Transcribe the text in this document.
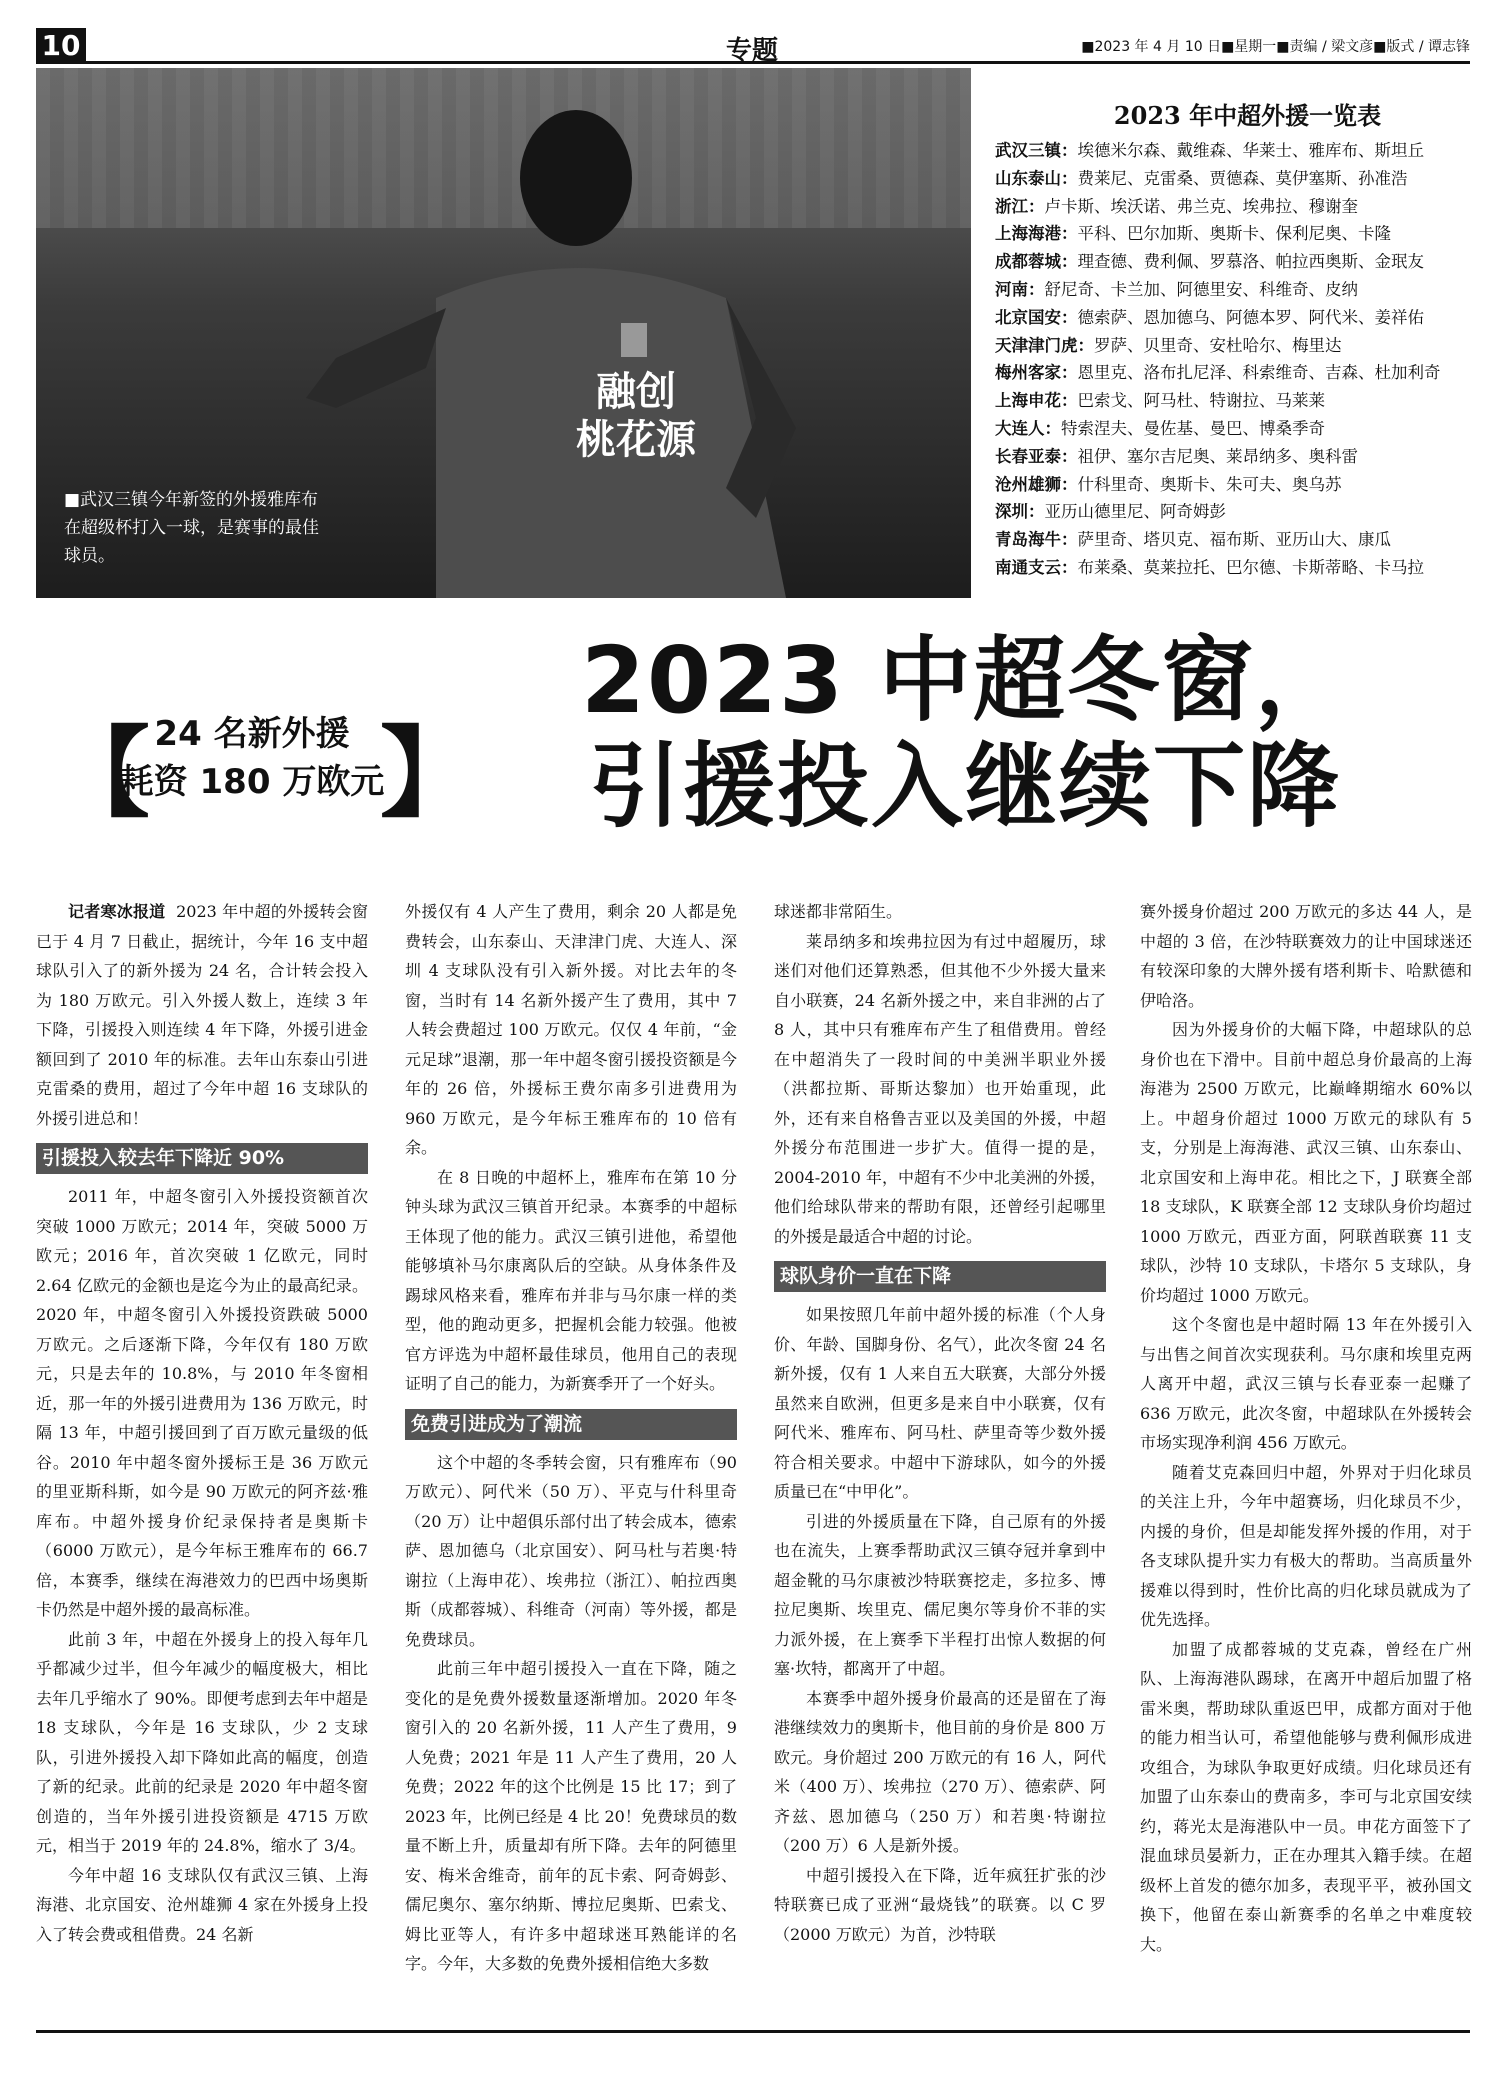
10	专题	■2023 年 4 月 10 日■星期一■责编 / 梁文彦■版式 / 谭志锋
融创
桃花源
■武汉三镇今年新签的外援雅库布在超级杯打入一球，是赛事的最佳球员。
2023 年中超外援一览表
武汉三镇：埃德米尔森、戴维森、华莱士、雅库布、斯坦丘
山东泰山：费莱尼、克雷桑、贾德森、莫伊塞斯、孙准浩
浙江：卢卡斯、埃沃诺、弗兰克、埃弗拉、穆谢奎
上海海港：平科、巴尔加斯、奥斯卡、保利尼奥、卡隆
成都蓉城：理查德、费利佩、罗慕洛、帕拉西奥斯、金珉友
河南：舒尼奇、卡兰加、阿德里安、科维奇、皮纳
北京国安：德索萨、恩加德乌、阿德本罗、阿代米、姜祥佑
天津津门虎：罗萨、贝里奇、安杜哈尔、梅里达
梅州客家：恩里克、洛布扎尼泽、科索维奇、吉森、杜加利奇
上海申花：巴索戈、阿马杜、特谢拉、马莱莱
大连人：特索涅夫、曼佐基、曼巴、博桑季奇
长春亚泰：祖伊、塞尔吉尼奥、莱昂纳多、奥科雷
沧州雄狮：什科里奇、奥斯卡、朱可夫、奥乌苏
深圳：亚历山德里尼、阿奇姆彭
青岛海牛：萨里奇、塔贝克、福布斯、亚历山大、康瓜
南通支云：布莱桑、莫莱拉托、巴尔德、卡斯蒂略、卡马拉
【 24 名新外援
耗资 180 万欧元
】
2023 中超冬窗，
引援投入继续下降

记者寒冰报道 2023 年中超的外援转会窗已于 4 月 7 日截止，据统计，今年 16 支中超球队引入了的新外援为 24 名，合计转会投入为 180 万欧元。引入外援人数上，连续 3 年下降，引援投入则连续 4 年下降，外援引进金额回到了 2010 年的标准。去年山东泰山引进克雷桑的费用，超过了今年中超 16 支球队的外援引进总和！

引援投入较去年下降近 90%

2011 年，中超冬窗引入外援投资额首次突破 1000 万欧元；2014 年，突破 5000 万欧元；2016 年，首次突破 1 亿欧元，同时 2.64 亿欧元的金额也是迄今为止的最高纪录。2020 年，中超冬窗引入外援投资跌破 5000 万欧元。之后逐渐下降，今年仅有 180 万欧元，只是去年的 10.8%，与 2010 年冬窗相近，那一年的外援引进费用为 136 万欧元，时隔 13 年，中超引援回到了百万欧元量级的低谷。2010 年中超冬窗外援标王是 36 万欧元的里亚斯科斯，如今是 90 万欧元的阿齐兹·雅库布。中超外援身价纪录保持者是奥斯卡（6000 万欧元），是今年标王雅库布的 66.7 倍，本赛季，继续在海港效力的巴西中场奥斯卡仍然是中超外援的最高标准。

此前 3 年，中超在外援身上的投入每年几乎都减少过半，但今年减少的幅度极大，相比去年几乎缩水了 90%。即便考虑到去年中超是 18 支球队，今年是 16 支球队，少 2 支球队，引进外援投入却下降如此高的幅度，创造了新的纪录。此前的纪录是 2020 年中超冬窗创造的，当年外援引进投资额是 4715 万欧元，相当于 2019 年的 24.8%，缩水了 3/4。

今年中超 16 支球队仅有武汉三镇、上海海港、北京国安、沧州雄狮 4 家在外援身上投入了转会费或租借费。24 名新

外援仅有 4 人产生了费用，剩余 20 人都是免费转会，山东泰山、天津津门虎、大连人、深圳 4 支球队没有引入新外援。对比去年的冬窗，当时有 14 名新外援产生了费用，其中 7 人转会费超过 100 万欧元。仅仅 4 年前，“金元足球”退潮，那一年中超冬窗引援投资额是今年的 26 倍，外援标王费尔南多引进费用为 960 万欧元，是今年标王雅库布的 10 倍有余。

在 8 日晚的中超杯上，雅库布在第 10 分钟头球为武汉三镇首开纪录。本赛季的中超标王体现了他的能力。武汉三镇引进他，希望他能够填补马尔康离队后的空缺。从身体条件及踢球风格来看，雅库布并非与马尔康一样的类型，他的跑动更多，把握机会能力较强。他被官方评选为中超杯最佳球员，他用自己的表现证明了自己的能力，为新赛季开了一个好头。

免费引进成为了潮流

这个中超的冬季转会窗，只有雅库布（90 万欧元）、阿代米（50 万）、平克与什科里奇（20 万）让中超俱乐部付出了转会成本，德索萨、恩加德乌（北京国安）、阿马杜与若奥·特谢拉（上海申花）、埃弗拉（浙江）、帕拉西奥斯（成都蓉城）、科维奇（河南）等外援，都是免费球员。

此前三年中超引援投入一直在下降，随之变化的是免费外援数量逐渐增加。2020 年冬窗引入的 20 名新外援，11 人产生了费用，9 人免费；2021 年是 11 人产生了费用，20 人免费；2022 年的这个比例是 15 比 17；到了 2023 年，比例已经是 4 比 20！免费球员的数量不断上升，质量却有所下降。去年的阿德里安、梅米舍维奇，前年的瓦卡索、阿奇姆彭、儒尼奥尔、塞尔纳斯、博拉尼奥斯、巴索戈、姆比亚等人，有许多中超球迷耳熟能详的名字。今年，大多数的免费外援相信绝大多数

球迷都非常陌生。

莱昂纳多和埃弗拉因为有过中超履历，球迷们对他们还算熟悉，但其他不少外援大量来自小联赛，24 名新外援之中，来自非洲的占了 8 人，其中只有雅库布产生了租借费用。曾经在中超消失了一段时间的中美洲半职业外援（洪都拉斯、哥斯达黎加）也开始重现，此外，还有来自格鲁吉亚以及美国的外援，中超外援分布范围进一步扩大。值得一提的是，2004-2010 年，中超有不少中北美洲的外援，他们给球队带来的帮助有限，还曾经引起哪里的外援是最适合中超的讨论。

球队身价一直在下降

如果按照几年前中超外援的标准（个人身价、年龄、国脚身份、名气），此次冬窗 24 名新外援，仅有 1 人来自五大联赛，大部分外援虽然来自欧洲，但更多是来自中小联赛，仅有阿代米、雅库布、阿马杜、萨里奇等少数外援符合相关要求。中超中下游球队，如今的外援质量已在“中甲化”。

引进的外援质量在下降，自己原有的外援也在流失，上赛季帮助武汉三镇夺冠并拿到中超金靴的马尔康被沙特联赛挖走，多拉多、博拉尼奥斯、埃里克、儒尼奥尔等身价不菲的实力派外援，在上赛季下半程打出惊人数据的何塞·坎特，都离开了中超。

本赛季中超外援身价最高的还是留在了海港继续效力的奥斯卡，他目前的身价是 800 万欧元。身价超过 200 万欧元的有 16 人，阿代米（400 万）、埃弗拉（270 万）、德索萨、阿齐兹、恩加德乌（250 万）和若奥·特谢拉（200 万）6 人是新外援。

中超引援投入在下降，近年疯狂扩张的沙特联赛已成了亚洲“最烧钱”的联赛。以 C 罗（2000 万欧元）为首，沙特联

赛外援身价超过 200 万欧元的多达 44 人，是中超的 3 倍，在沙特联赛效力的让中国球迷还有较深印象的大牌外援有塔利斯卡、哈默德和伊哈洛。

因为外援身价的大幅下降，中超球队的总身价也在下滑中。目前中超总身价最高的上海海港为 2500 万欧元，比巅峰期缩水 60%以上。中超身价超过 1000 万欧元的球队有 5 支，分别是上海海港、武汉三镇、山东泰山、北京国安和上海申花。相比之下，J 联赛全部 18 支球队，K 联赛全部 12 支球队身价均超过 1000 万欧元，西亚方面，阿联酋联赛 11 支球队，沙特 10 支球队，卡塔尔 5 支球队，身价均超过 1000 万欧元。

这个冬窗也是中超时隔 13 年在外援引入与出售之间首次实现获利。马尔康和埃里克两人离开中超，武汉三镇与长春亚泰一起赚了 636 万欧元，此次冬窗，中超球队在外援转会市场实现净利润 456 万欧元。

随着艾克森回归中超，外界对于归化球员的关注上升，今年中超赛场，归化球员不少，内援的身价，但是却能发挥外援的作用，对于各支球队提升实力有极大的帮助。当高质量外援难以得到时，性价比高的归化球员就成为了优先选择。

加盟了成都蓉城的艾克森，曾经在广州队、上海海港队踢球，在离开中超后加盟了格雷米奥，帮助球队重返巴甲，成都方面对于他的能力相当认可，希望他能够与费利佩形成进攻组合，为球队争取更好成绩。归化球员还有加盟了山东泰山的费南多，李可与北京国安续约，蒋光太是海港队中一员。申花方面签下了混血球员晏新力，正在办理其入籍手续。在超级杯上首发的德尔加多，表现平平，被孙国文换下，他留在泰山新赛季的名单之中难度较大。
